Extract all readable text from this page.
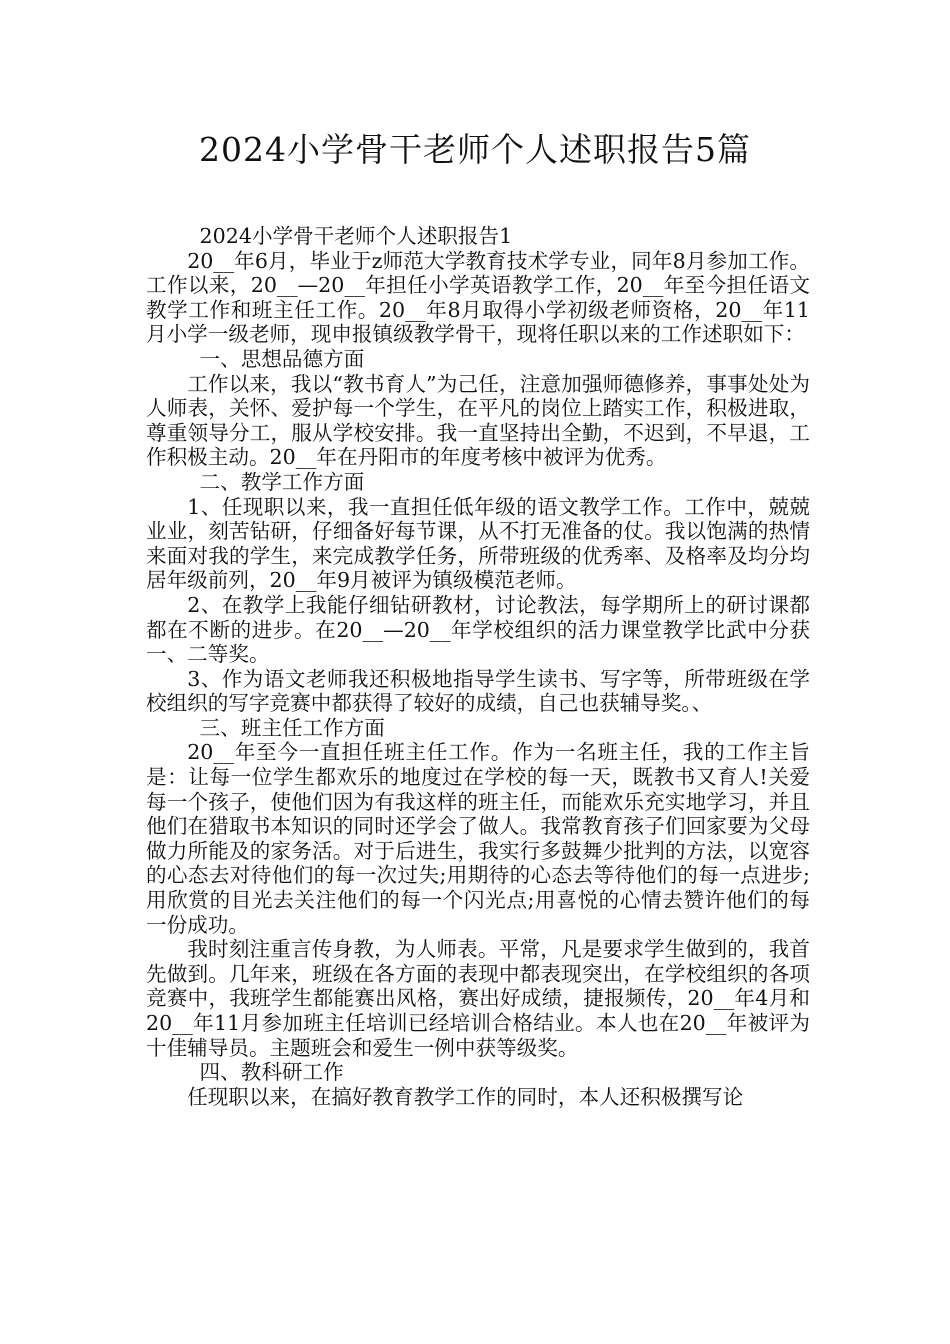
2024小学骨干老师个人述职报告5篇

2024小学骨干老师个人述职报告1

20__年6月，毕业于z师范大学教育技术学专业，同年8月参加工作。工作以来，20__—20__年担任小学英语教学工作，20__年至今担任语文教学工作和班主任工作。20__年8月取得小学初级老师资格，20__年11月小学一级老师，现申报镇级教学骨干，现将任职以来的工作述职如下：

一、思想品德方面

工作以来，我以“教书育人”为己任，注意加强师德修养，事事处处为人师表，关怀、爱护每一个学生，在平凡的岗位上踏实工作，积极进取，尊重领导分工，服从学校安排。我一直坚持出全勤，不迟到，不早退，工作积极主动。20__年在丹阳市的年度考核中被评为优秀。

二、教学工作方面

1、任现职以来，我一直担任低年级的语文教学工作。工作中，兢兢业业，刻苦钻研，仔细备好每节课，从不打无准备的仗。我以饱满的热情来面对我的学生，来完成教学任务，所带班级的优秀率、及格率及均分均居年级前列，20__年9月被评为镇级模范老师。

2、在教学上我能仔细钻研教材，讨论教法，每学期所上的研讨课都都在不断的进步。在20__—20__年学校组织的活力课堂教学比武中分获一、二等奖。

3、作为语文老师我还积极地指导学生读书、写字等，所带班级在学校组织的写字竞赛中都获得了较好的成绩，自己也获辅导奖。、

三、班主任工作方面

20__年至今一直担任班主任工作。作为一名班主任，我的工作主旨是：让每一位学生都欢乐的地度过在学校的每一天，既教书又育人!关爱每一个孩子，使他们因为有我这样的班主任，而能欢乐充实地学习，并且他们在猎取书本知识的同时还学会了做人。我常教育孩子们回家要为父母做力所能及的家务活。对于后进生，我实行多鼓舞少批判的方法，以宽容的心态去对待他们的每一次过失;用期待的心态去等待他们的每一点进步;用欣赏的目光去关注他们的每一个闪光点;用喜悦的心情去赞许他们的每一份成功。

我时刻注重言传身教，为人师表。平常，凡是要求学生做到的，我首先做到。几年来，班级在各方面的表现中都表现突出，在学校组织的各项竞赛中，我班学生都能赛出风格，赛出好成绩，捷报频传，20__年4月和20__年11月参加班主任培训已经培训合格结业。本人也在20__年被评为十佳辅导员。主题班会和爱生一例中获等级奖。

四、教科研工作

任现职以来，在搞好教育教学工作的同时，本人还积极撰写论
